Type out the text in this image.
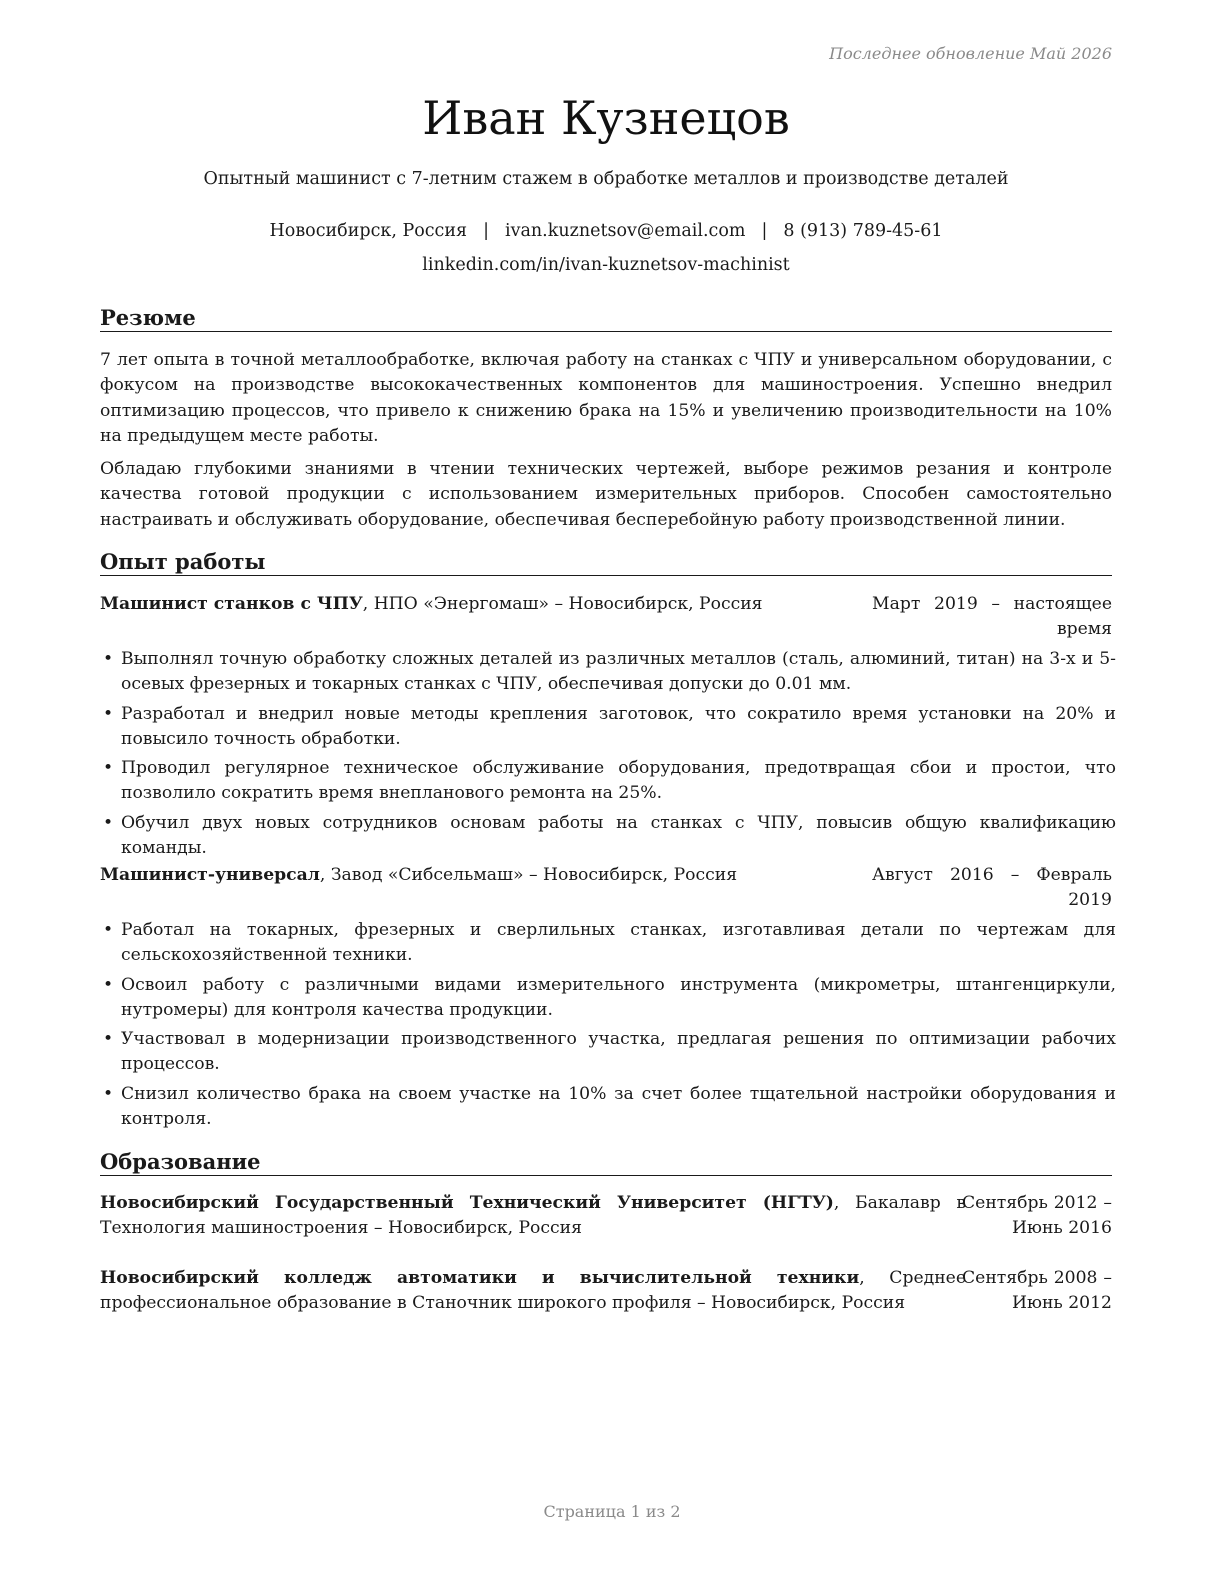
Последнее обновление Май 2026
Иван Кузнецов
Опытный машинист с 7-летним стажем в обработке металлов и производстве деталей
Новосибирск, Россия | ivan.kuznetsov@email.com | 8 (913) 789-45-61
linkedin.com/in/ivan-kuznetsov-machinist
Резюме
7 лет опыта в точной металлообработке, включая работу на станках с ЧПУ и универсальном оборудовании, с фокусом на производстве высококачественных компонентов для машиностроения. Успешно внедрил оптимизацию процессов, что привело к снижению брака на 15% и увеличению производительности на 10% на предыдущем месте работы.
Обладаю глубокими знаниями в чтении технических чертежей, выборе режимов резания и контроле качества готовой продукции с использованием измерительных приборов. Способен самостоятельно настраивать и обслуживать оборудование, обеспечивая бесперебойную работу производственной линии.
Опыт работы
Машинист станков с ЧПУ, НПО «Энергомаш» – Новосибирск, Россия	Март 2019 – настоящее время
• Выполнял точную обработку сложных деталей из различных металлов (сталь, алюминий, титан) на 3-х и 5-осевых фрезерных и токарных станках с ЧПУ, обеспечивая допуски до 0.01 мм.
• Разработал и внедрил новые методы крепления заготовок, что сократило время установки на 20% и повысило точность обработки.
• Проводил регулярное техническое обслуживание оборудования, предотвращая сбои и простои, что позволило сократить время внепланового ремонта на 25%.
• Обучил двух новых сотрудников основам работы на станках с ЧПУ, повысив общую квалификацию команды.
Машинист-универсал, Завод «Сибсельмаш» – Новосибирск, Россия	Август 2016 – Февраль 2019
• Работал на токарных, фрезерных и сверлильных станках, изготавливая детали по чертежам для сельскохозяйственной техники.
• Освоил работу с различными видами измерительного инструмента (микрометры, штангенциркули, нутромеры) для контроля качества продукции.
• Участвовал в модернизации производственного участка, предлагая решения по оптимизации рабочих процессов.
• Снизил количество брака на своем участке на 10% за счет более тщательной настройки оборудования и контроля.
Образование
Новосибирский Государственный Технический Университет (НГТУ), Бакалавр в Технология машиностроения – Новосибирск, Россия
Сентябрь 2012 – Июнь 2016
Новосибирский колледж автоматики и вычислительной техники, Среднее профессиональное образование в Станочник широкого профиля – Новосибирск, Россия
Сентябрь 2008 – Июнь 2012
Страница 1 из 2
